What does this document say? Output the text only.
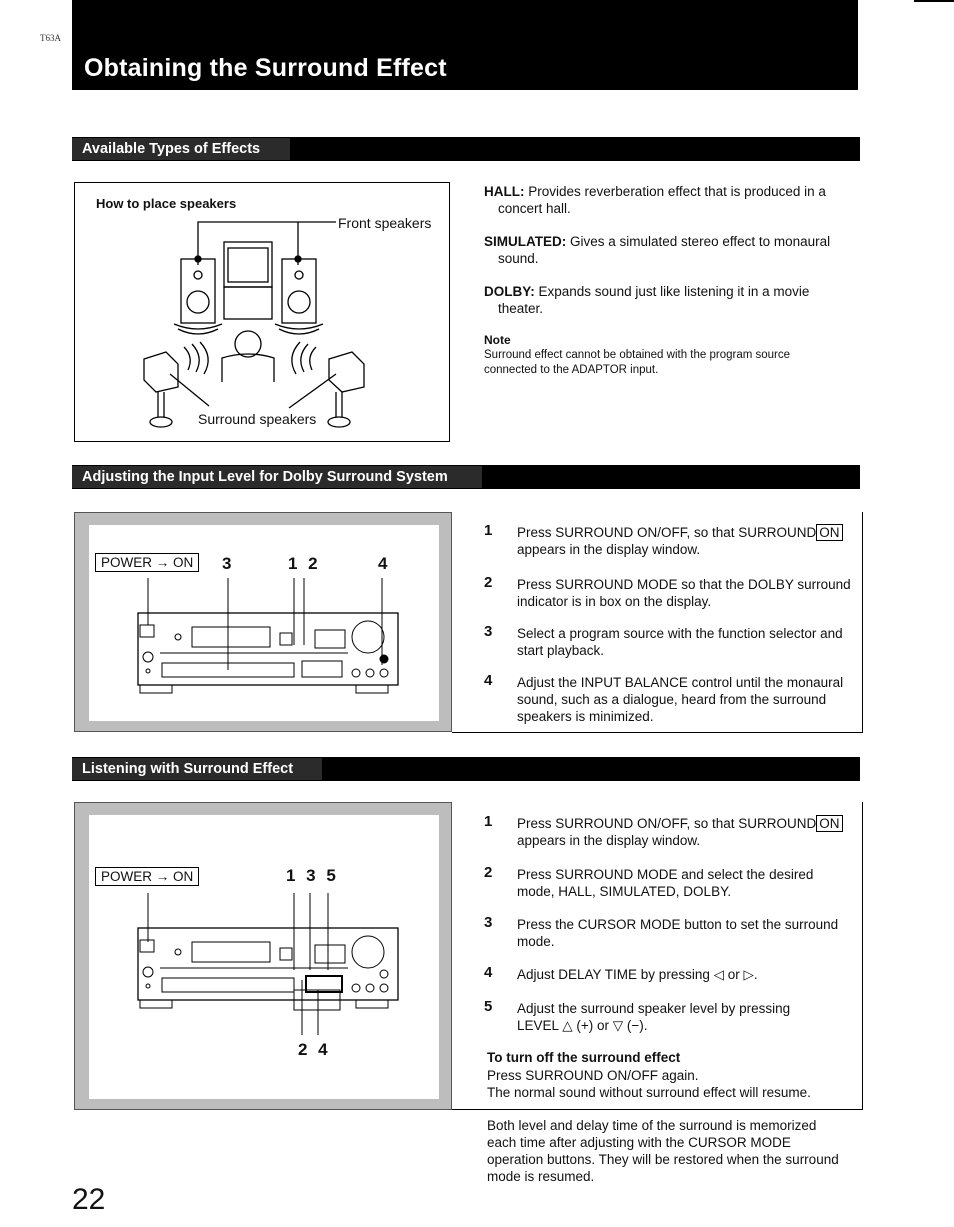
T63A
Obtaining the Surround Effect
Available Types of Effects
How to place speakers
Front speakers
Surround speakers
HALL: Provides reverberation effect that is produced in a
concert hall.
SIMULATED: Gives a simulated stereo effect to monaural
sound.
DOLBY: Expands sound just like listening it in a movie
theater.
Note
Surround effect cannot be obtained with the program source
connected to the ADAPTOR input.
Adjusting the Input Level for Dolby Surround System
POWER → ON	3	1 2	4
1 Press SURROUND ON/OFF, so that SURROUND ON
appears in the display window.
2 Press SURROUND MODE so that the DOLBY surround
indicator is in box on the display.
3 Select a program source with the function selector and
start playback.
4 Adjust the INPUT BALANCE control until the monaural
sound, such as a dialogue, heard from the surround
speakers is minimized.
Listening with Surround Effect
POWER → ON	1 3 5
2 4
1 Press SURROUND ON/OFF, so that SURROUND ON
appears in the display window.
2 Press SURROUND MODE and select the desired
mode, HALL, SIMULATED, DOLBY.
3 Press the CURSOR MODE button to set the surround
mode.
4 Adjust DELAY TIME by pressing ◁ or ▷.
5 Adjust the surround speaker level by pressing
LEVEL △ (+) or ▽ (−).
To turn off the surround effect
Press SURROUND ON/OFF again.
The normal sound without surround effect will resume.
Both level and delay time of the surround is memorized
each time after adjusting with the CURSOR MODE
operation buttons. They will be restored when the surround
mode is resumed.
22
